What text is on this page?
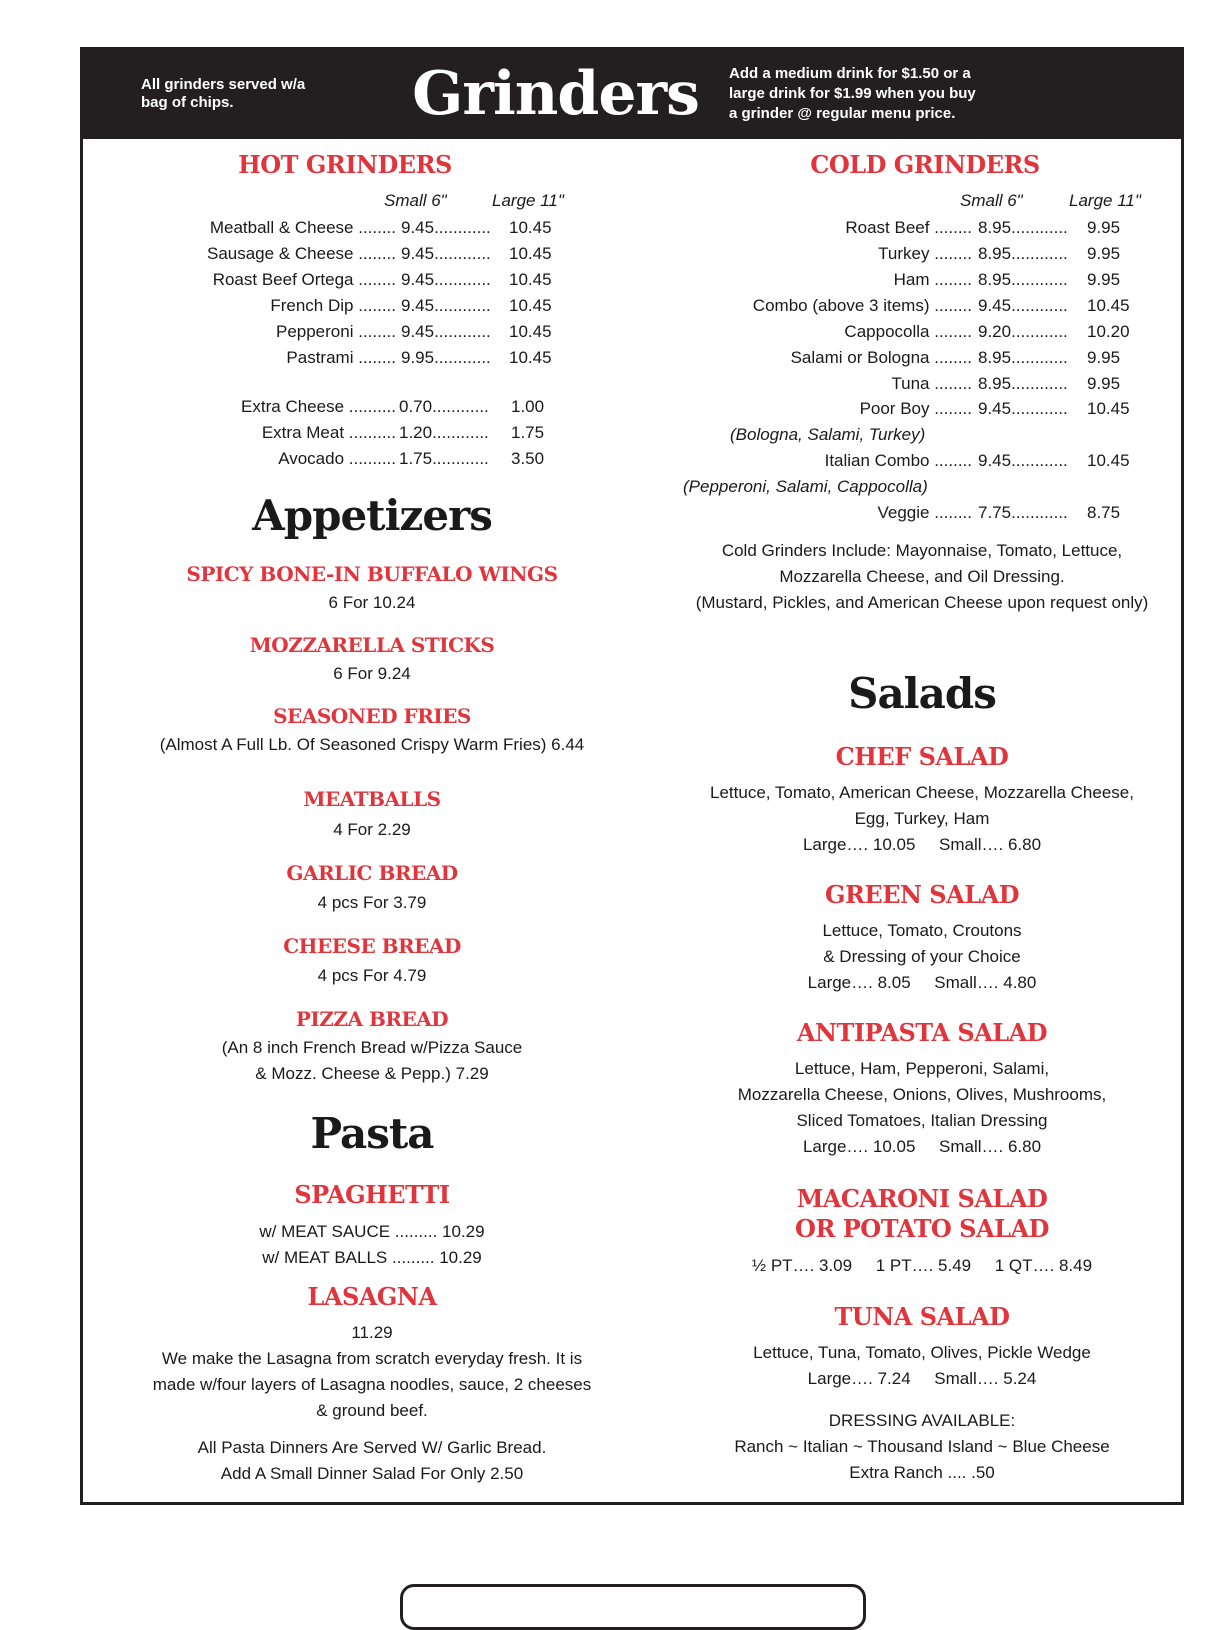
All grinders served w/a
bag of chips.	Grinders	Add a medium drink for $1.50 or a
large drink for $1.99 when you buy
a grinder @ regular menu price.
HOT GRINDERS
Small 6"	Large 11"
Meatball & Cheese ........ 9.45............ 10.45
Sausage & Cheese ........ 9.45............ 10.45
Roast Beef Ortega ........ 9.45............ 10.45
French Dip ........ 9.45............ 10.45
Pepperoni ........ 9.45............ 10.45
Pastrami ........ 9.95............ 10.45
Extra Cheese .......... 0.70............ 1.00
Extra Meat .......... 1.20............ 1.75
Avocado .......... 1.75............ 3.50
COLD GRINDERS
Small 6"	Large 11"
Roast Beef ........ 8.95............ 9.95
Turkey ........ 8.95............ 9.95
Ham ........ 8.95............ 9.95
Combo (above 3 items) ........ 9.45............ 10.45
Cappocolla ........ 9.20............ 10.20
Salami or Bologna ........ 8.95............ 9.95
Tuna ........ 8.95............ 9.95
Poor Boy ........ 9.45............ 10.45
Italian Combo ........ 9.45............ 10.45
Veggie ........ 7.75............ 8.75
(Bologna, Salami, Turkey)
(Pepperoni, Salami, Cappocolla)
Cold Grinders Include: Mayonnaise, Tomato, Lettuce,
Mozzarella Cheese, and Oil Dressing.
(Mustard, Pickles, and American Cheese upon request only)
Appetizers
SPICY BONE-IN BUFFALO WINGS
6 For 10.24
MOZZARELLA STICKS
6 For 9.24
SEASONED FRIES
(Almost A Full Lb. Of Seasoned Crispy Warm Fries) 6.44
MEATBALLS
4 For 2.29
GARLIC BREAD
4 pcs For 3.79
CHEESE BREAD
4 pcs For 4.79
PIZZA BREAD
(An 8 inch French Bread w/Pizza Sauce
& Mozz. Cheese & Pepp.) 7.29
Pasta
SPAGHETTI
w/ MEAT SAUCE ......... 10.29
w/ MEAT BALLS ......... 10.29
LASAGNA
11.29
We make the Lasagna from scratch everyday fresh. It is
made w/four layers of Lasagna noodles, sauce, 2 cheeses
& ground beef.
All Pasta Dinners Are Served W/ Garlic Bread.
Add A Small Dinner Salad For Only 2.50
Salads
CHEF SALAD
Lettuce, Tomato, American Cheese, Mozzarella Cheese,
Egg, Turkey, Ham
Large…. 10.05     Small…. 6.80
GREEN SALAD
Lettuce, Tomato, Croutons
& Dressing of your Choice
Large…. 8.05     Small…. 4.80
ANTIPASTA SALAD
Lettuce, Ham, Pepperoni, Salami,
Mozzarella Cheese, Onions, Olives, Mushrooms,
Sliced Tomatoes, Italian Dressing
Large…. 10.05     Small…. 6.80
MACARONI SALAD
OR POTATO SALAD
½ PT…. 3.09     1 PT…. 5.49     1 QT…. 8.49
TUNA SALAD
Lettuce, Tuna, Tomato, Olives, Pickle Wedge
Large…. 7.24     Small…. 5.24
DRESSING AVAILABLE:
Ranch ~ Italian ~ Thousand Island ~ Blue Cheese
Extra Ranch .... .50
